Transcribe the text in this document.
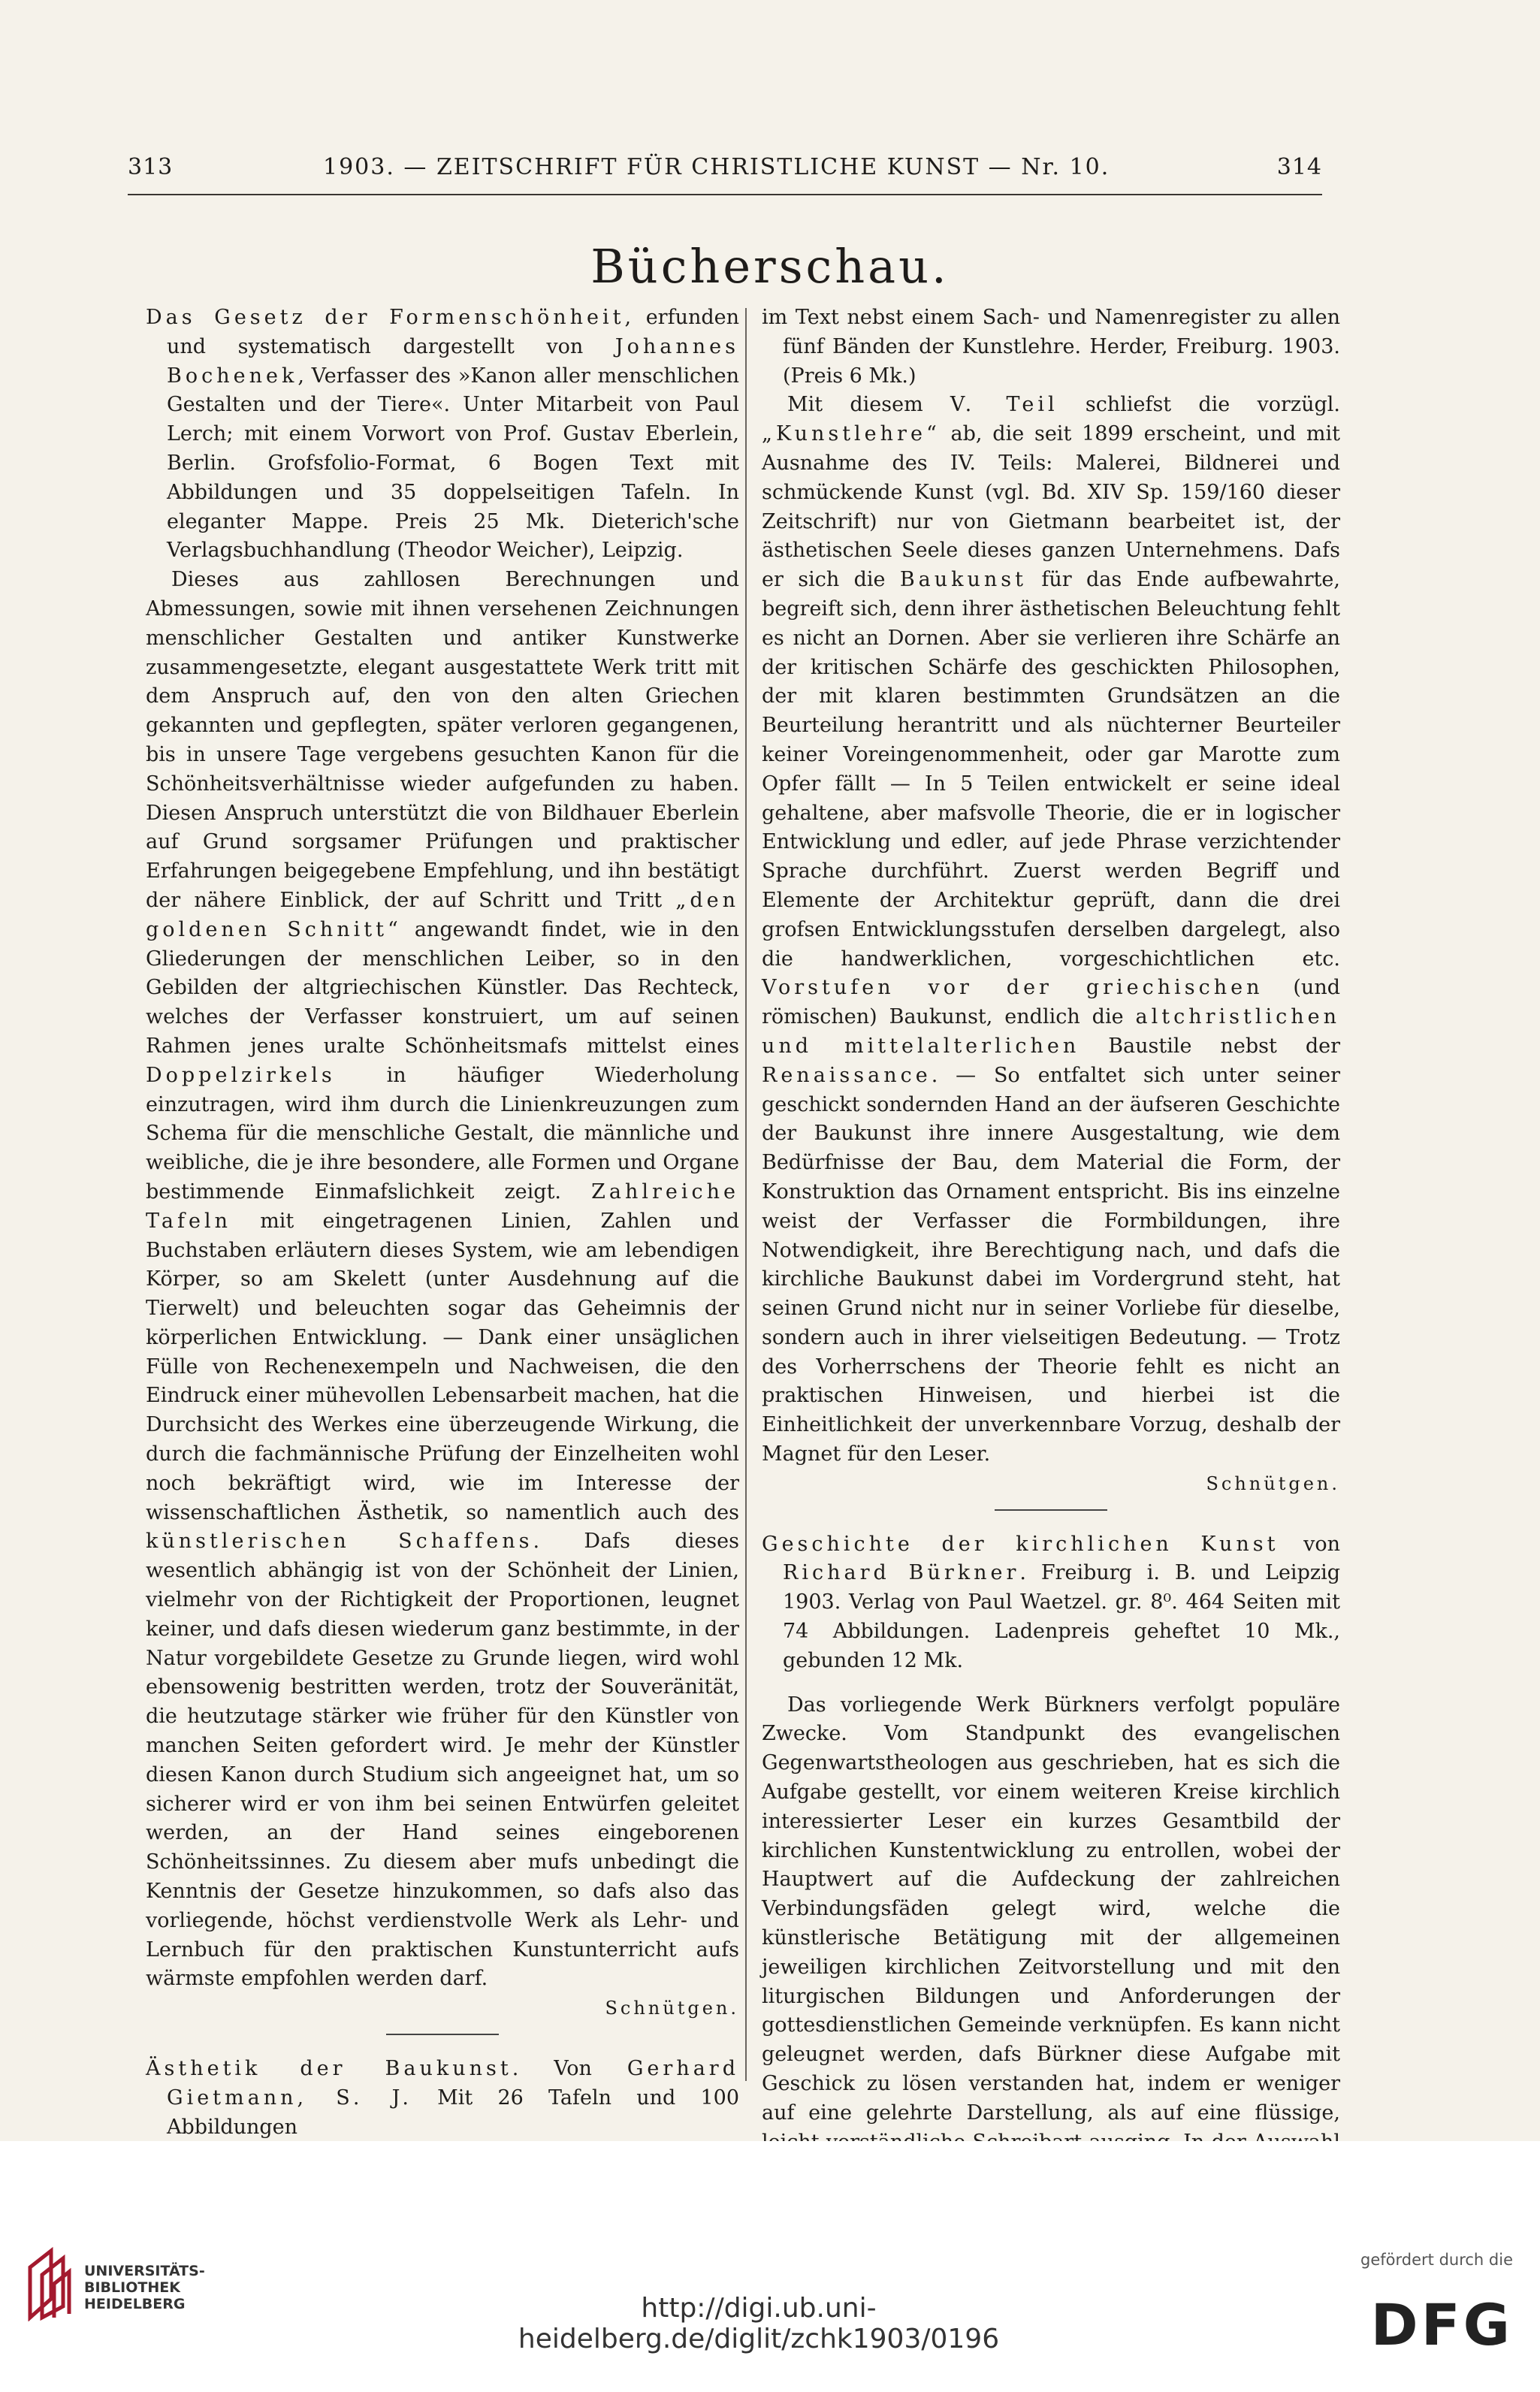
313	1903. — ZEITSCHRIFT FÜR CHRISTLICHE KUNST — Nr. 10.	314
Bücherschau.

Das Gesetz der Formenschönheit, erfunden und systematisch dargestellt von Johannes Bochenek, Verfasser des »Kanon aller menschlichen Gestalten und der Tiere«. Unter Mitarbeit von Paul Lerch; mit einem Vorwort von Prof. Gustav Eberlein, Berlin. Grofsfolio-Format, 6 Bogen Text mit Abbildungen und 35 doppelseitigen Tafeln. In eleganter Mappe. Preis 25 Mk. Dieterich'sche Verlagsbuchhandlung (Theodor Weicher), Leipzig.

Dieses aus zahllosen Berechnungen und Abmessungen, sowie mit ihnen versehenen Zeichnungen menschlicher Gestalten und antiker Kunstwerke zusammengesetzte, elegant ausgestattete Werk tritt mit dem Anspruch auf, den von den alten Griechen gekannten und gepflegten, später verloren gegangenen, bis in unsere Tage vergebens gesuchten Kanon für die Schönheitsverhältnisse wieder aufgefunden zu haben. Diesen Anspruch unterstützt die von Bildhauer Eberlein auf Grund sorgsamer Prüfungen und praktischer Erfahrungen beigegebene Empfehlung, und ihn bestätigt der nähere Einblick, der auf Schritt und Tritt „den goldenen Schnitt“ angewandt findet, wie in den Gliederungen der menschlichen Leiber, so in den Gebilden der altgriechischen Künstler. Das Rechteck, welches der Verfasser konstruiert, um auf seinen Rahmen jenes uralte Schönheitsmafs mittelst eines Doppelzirkels in häufiger Wiederholung einzutragen, wird ihm durch die Linienkreuzungen zum Schema für die menschliche Gestalt, die männliche und weibliche, die je ihre besondere, alle Formen und Organe bestimmende Einmafslichkeit zeigt. Zahlreiche Tafeln mit eingetragenen Linien, Zahlen und Buchstaben erläutern dieses System, wie am lebendigen Körper, so am Skelett (unter Ausdehnung auf die Tierwelt) und beleuchten sogar das Geheimnis der körperlichen Entwicklung. — Dank einer unsäglichen Fülle von Rechenexempeln und Nachweisen, die den Eindruck einer mühevollen Lebensarbeit machen, hat die Durchsicht des Werkes eine überzeugende Wirkung, die durch die fachmännische Prüfung der Einzelheiten wohl noch bekräftigt wird, wie im Interesse der wissenschaftlichen Ästhetik, so namentlich auch des künstlerischen Schaffens. Dafs dieses wesentlich abhängig ist von der Schönheit der Linien, vielmehr von der Richtigkeit der Proportionen, leugnet keiner, und dafs diesen wiederum ganz bestimmte, in der Natur vorgebildete Gesetze zu Grunde liegen, wird wohl ebensowenig bestritten werden, trotz der Souveränität, die heutzutage stärker wie früher für den Künstler von manchen Seiten gefordert wird. Je mehr der Künstler diesen Kanon durch Studium sich angeeignet hat, um so sicherer wird er von ihm bei seinen Entwürfen geleitet werden, an der Hand seines eingeborenen Schönheitssinnes. Zu diesem aber mufs unbedingt die Kenntnis der Gesetze hinzukommen, so dafs also das vorliegende, höchst verdienstvolle Werk als Lehr- und Lernbuch für den praktischen Kunstunterricht aufs wärmste empfohlen werden darf.

Schnütgen.

Ästhetik der Baukunst. Von Gerhard Gietmann, S. J. Mit 26 Tafeln und 100 Abbildungen

im Text nebst einem Sach- und Namenregister zu allen fünf Bänden der Kunstlehre. Herder, Freiburg. 1903. (Preis 6 Mk.)

Mit diesem V. Teil schliefst die vorzügl. „Kunstlehre“ ab, die seit 1899 erscheint, und mit Ausnahme des IV. Teils: Malerei, Bildnerei und schmückende Kunst (vgl. Bd. XIV Sp. 159/160 dieser Zeitschrift) nur von Gietmann bearbeitet ist, der ästhetischen Seele dieses ganzen Unternehmens. Dafs er sich die Baukunst für das Ende aufbewahrte, begreift sich, denn ihrer ästhetischen Beleuchtung fehlt es nicht an Dornen. Aber sie verlieren ihre Schärfe an der kritischen Schärfe des geschickten Philosophen, der mit klaren bestimmten Grundsätzen an die Beurteilung herantritt und als nüchterner Beurteiler keiner Voreingenommenheit, oder gar Marotte zum Opfer fällt — In 5 Teilen entwickelt er seine ideal gehaltene, aber mafsvolle Theorie, die er in logischer Entwicklung und edler, auf jede Phrase verzichtender Sprache durchführt. Zuerst werden Begriff und Elemente der Architektur geprüft, dann die drei grofsen Entwicklungsstufen derselben dargelegt, also die handwerklichen, vorgeschichtlichen etc. Vorstufen vor der griechischen (und römischen) Baukunst, endlich die altchristlichen und mittelalterlichen Baustile nebst der Renaissance. — So entfaltet sich unter seiner geschickt sondernden Hand an der äufseren Geschichte der Baukunst ihre innere Ausgestaltung, wie dem Bedürfnisse der Bau, dem Material die Form, der Konstruktion das Ornament entspricht. Bis ins einzelne weist der Verfasser die Formbildungen, ihre Notwendigkeit, ihre Berechtigung nach, und dafs die kirchliche Baukunst dabei im Vordergrund steht, hat seinen Grund nicht nur in seiner Vorliebe für dieselbe, sondern auch in ihrer vielseitigen Bedeutung. — Trotz des Vorherrschens der Theorie fehlt es nicht an praktischen Hinweisen, und hierbei ist die Einheitlichkeit der unverkennbare Vorzug, deshalb der Magnet für den Leser.

Schnütgen.

Geschichte der kirchlichen Kunst von Richard Bürkner. Freiburg i. B. und Leipzig 1903. Verlag von Paul Waetzel. gr. 8⁰. 464 Seiten mit 74 Abbildungen. Ladenpreis geheftet 10 Mk., gebunden 12 Mk.

Das vorliegende Werk Bürkners verfolgt populäre Zwecke. Vom Standpunkt des evangelischen Gegenwartstheologen aus geschrieben, hat es sich die Aufgabe gestellt, vor einem weiteren Kreise kirchlich interessierter Leser ein kurzes Gesamtbild der kirchlichen Kunstentwicklung zu entrollen, wobei der Hauptwert auf die Aufdeckung der zahlreichen Verbindungsfäden gelegt wird, welche die künstlerische Betätigung mit der allgemeinen jeweiligen kirchlichen Zeitvorstellung und mit den liturgischen Bildungen und Anforderungen der gottesdienstlichen Gemeinde verknüpfen. Es kann nicht geleugnet werden, dafs Bürkner diese Aufgabe mit Geschick zu lösen verstanden hat, indem er weniger auf eine gelehrte Darstellung, als auf eine flüssige,

UNIVERSITÄTS-
BIBLIOTHEK
HEIDELBERG	http://digi.ub.uni-heidelberg.de/diglit/zchk1903/0196
gefördert durch die
DFG
